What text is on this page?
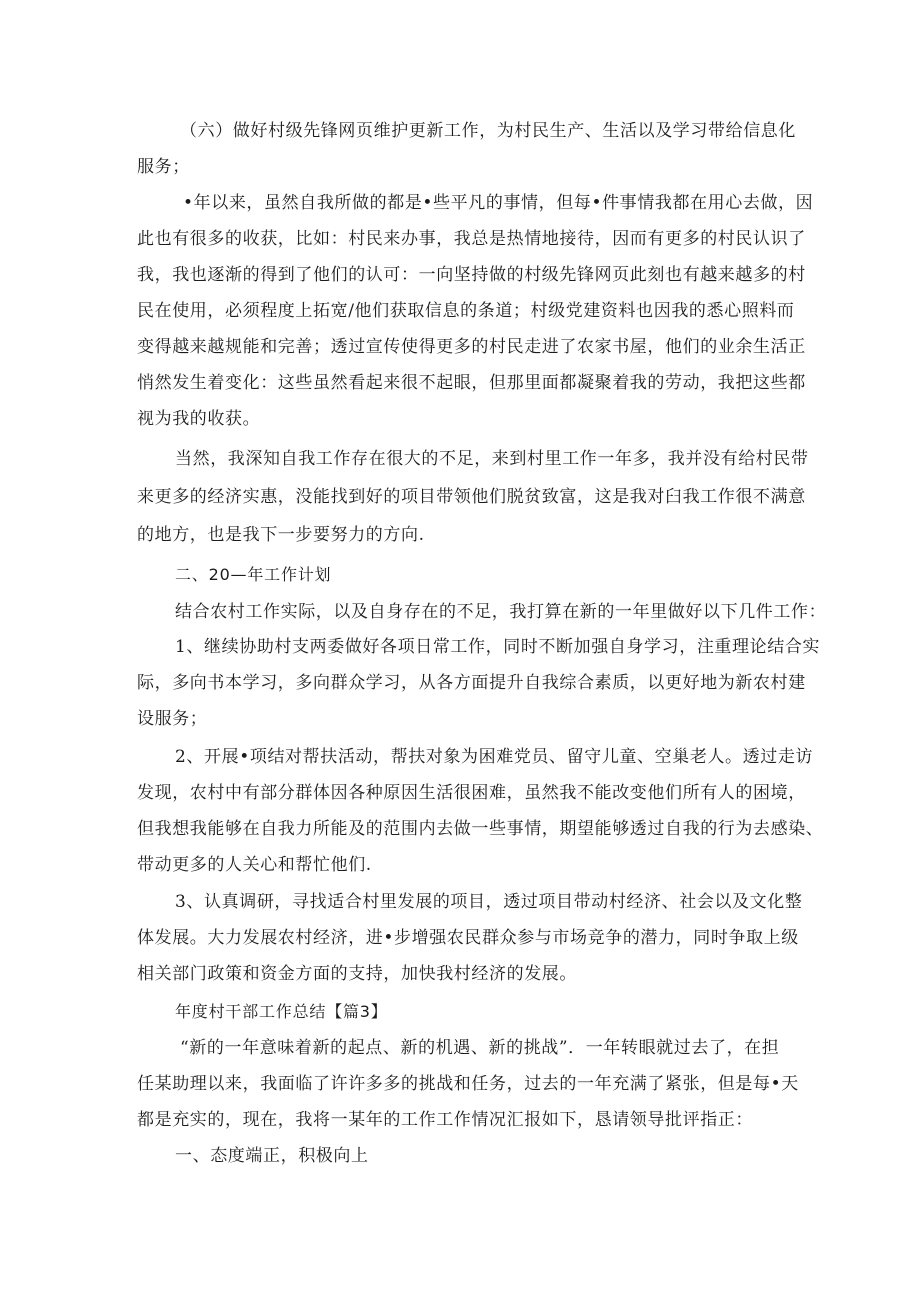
（六）做好村级先锋网页维护更新工作，为村民生产、生活以及学习带给信息化
服务；
•年以来，虽然自我所做的都是•些平凡的事情，但每•件事情我都在用心去做，因
此也有很多的收获，比如：村民来办事，我总是热情地接待，因而有更多的村民认识了
我，我也逐渐的得到了他们的认可：一向坚持做的村级先锋网页此刻也有越来越多的村
民在使用，必须程度上拓宽/他们获取信息的条道；村级党建资料也因我的悉心照料而
变得越来越规能和完善；透过宣传使得更多的村民走进了农家书屋，他们的业余生活正
悄然发生着变化：这些虽然看起来很不起眼，但那里面都凝聚着我的劳动，我把这些都
视为我的收获。
当然，我深知自我工作存在很大的不足，来到村里工作一年多，我并没有给村民带
来更多的经济实惠，没能找到好的项目带领他们脱贫致富，这是我对臼我工作很不满意
的地方，也是我下一步要努力的方向.
二、20—年工作计划
结合农村工作实际，以及自身存在的不足，我打算在新的一年里做好以下几件工作：
1、继续协助村支两委做好各项日常工作，同时不断加强自身学习，注重理论结合实
际，多向书本学习，多向群众学习，从各方面提升自我综合素质，以更好地为新农村建
设服务；
2、开展•项结对帮扶活动，帮扶对象为困难党员、留守儿童、空巢老人。透过走访
发现，农村中有部分群体因各种原因生活很困难，虽然我不能改变他们所有人的困境，
但我想我能够在自我力所能及的范围内去做一些事情，期望能够透过自我的行为去感染、
带动更多的人关心和帮忙他们.
3、认真调研，寻找适合村里发展的项目，透过项目带动村经济、社会以及文化整
体发展。大力发展农村经济，进•步增强农民群众参与市场竞争的潜力，同时争取上级
相关部门政策和资金方面的支持，加快我村经济的发展。
年度村干部工作总结【篇3】
“新的一年意味着新的起点、新的机遇、新的挑战”．一年转眼就过去了，在担
任某助理以来，我面临了许许多多的挑战和任务，过去的一年充满了紧张，但是每•天
都是充实的，现在，我将一某年的工作工作情况汇报如下，恳请领导批评指正：
一、态度端正，积极向上
